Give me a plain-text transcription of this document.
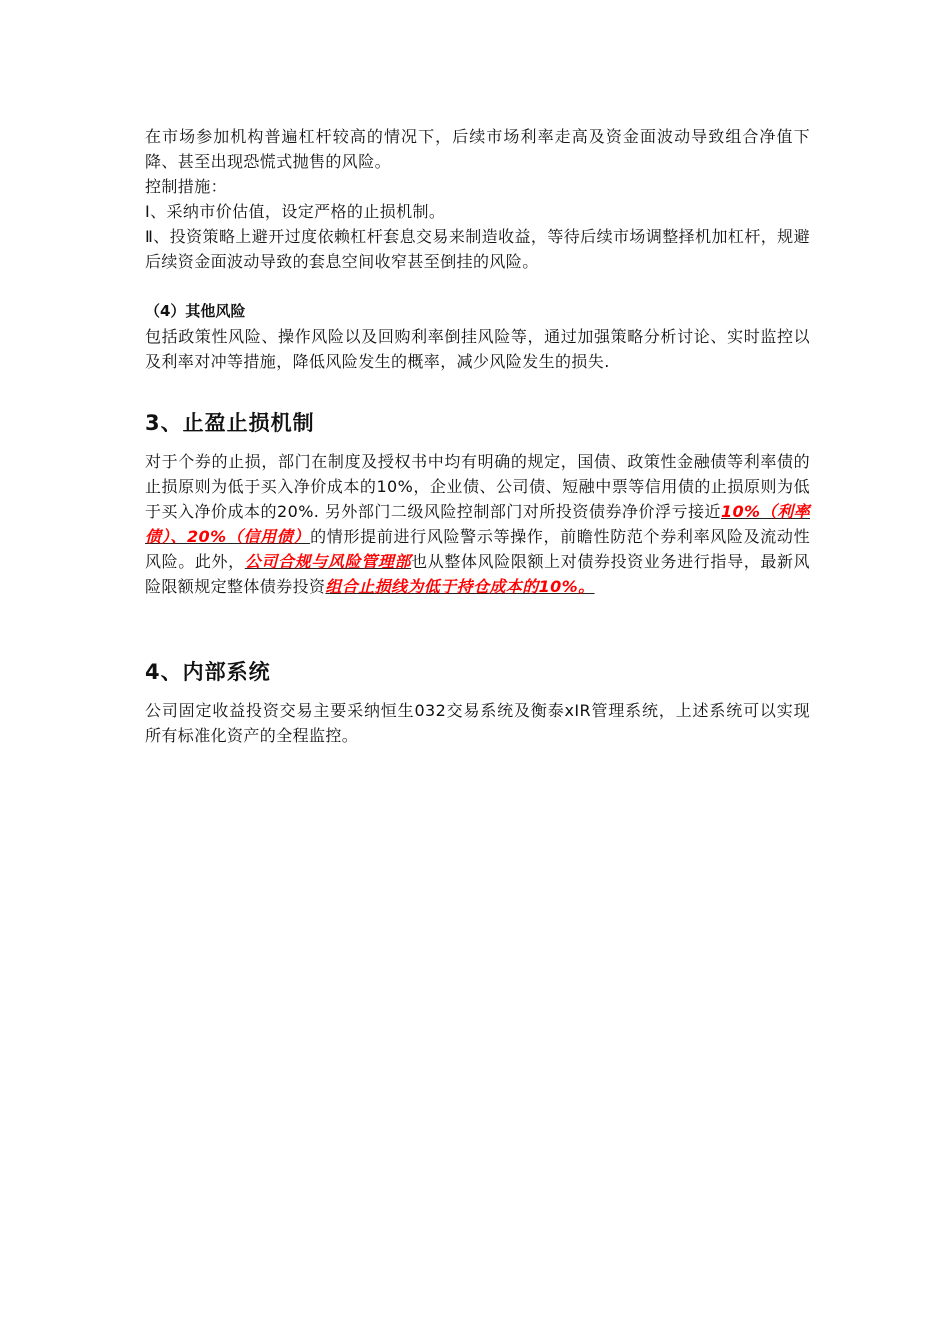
在市场参加机构普遍杠杆较高的情况下，后续市场利率走高及资金面波动导致组合净值下降、甚至出现恐慌式抛售的风险。

控制措施：

Ⅰ、采纳市价估值，设定严格的止损机制。

Ⅱ、投资策略上避开过度依赖杠杆套息交易来制造收益，等待后续市场调整择机加杠杆，规避后续资金面波动导致的套息空间收窄甚至倒挂的风险。

（4）其他风险

包括政策性风险、操作风险以及回购利率倒挂风险等，通过加强策略分析讨论、实时监控以及利率对冲等措施，降低风险发生的概率，减少风险发生的损失.

3、止盈止损机制

对于个券的止损，部门在制度及授权书中均有明确的规定，国债、政策性金融债等利率债的止损原则为低于买入净价成本的10%，企业债、公司债、短融中票等信用债的止损原则为低于买入净价成本的20%. 另外部门二级风险控制部门对所投资债券净价浮亏接近10%（利率债）、20%（信用债）的情形提前进行风险警示等操作，前瞻性防范个券利率风险及流动性风险。此外，公司合规与风险管理部也从整体风险限额上对债券投资业务进行指导，最新风险限额规定整体债券投资组合止损线为低于持仓成本的10%。

4、内部系统

公司固定收益投资交易主要采纳恒生032交易系统及衡泰xIR管理系统，上述系统可以实现所有标准化资产的全程监控。
